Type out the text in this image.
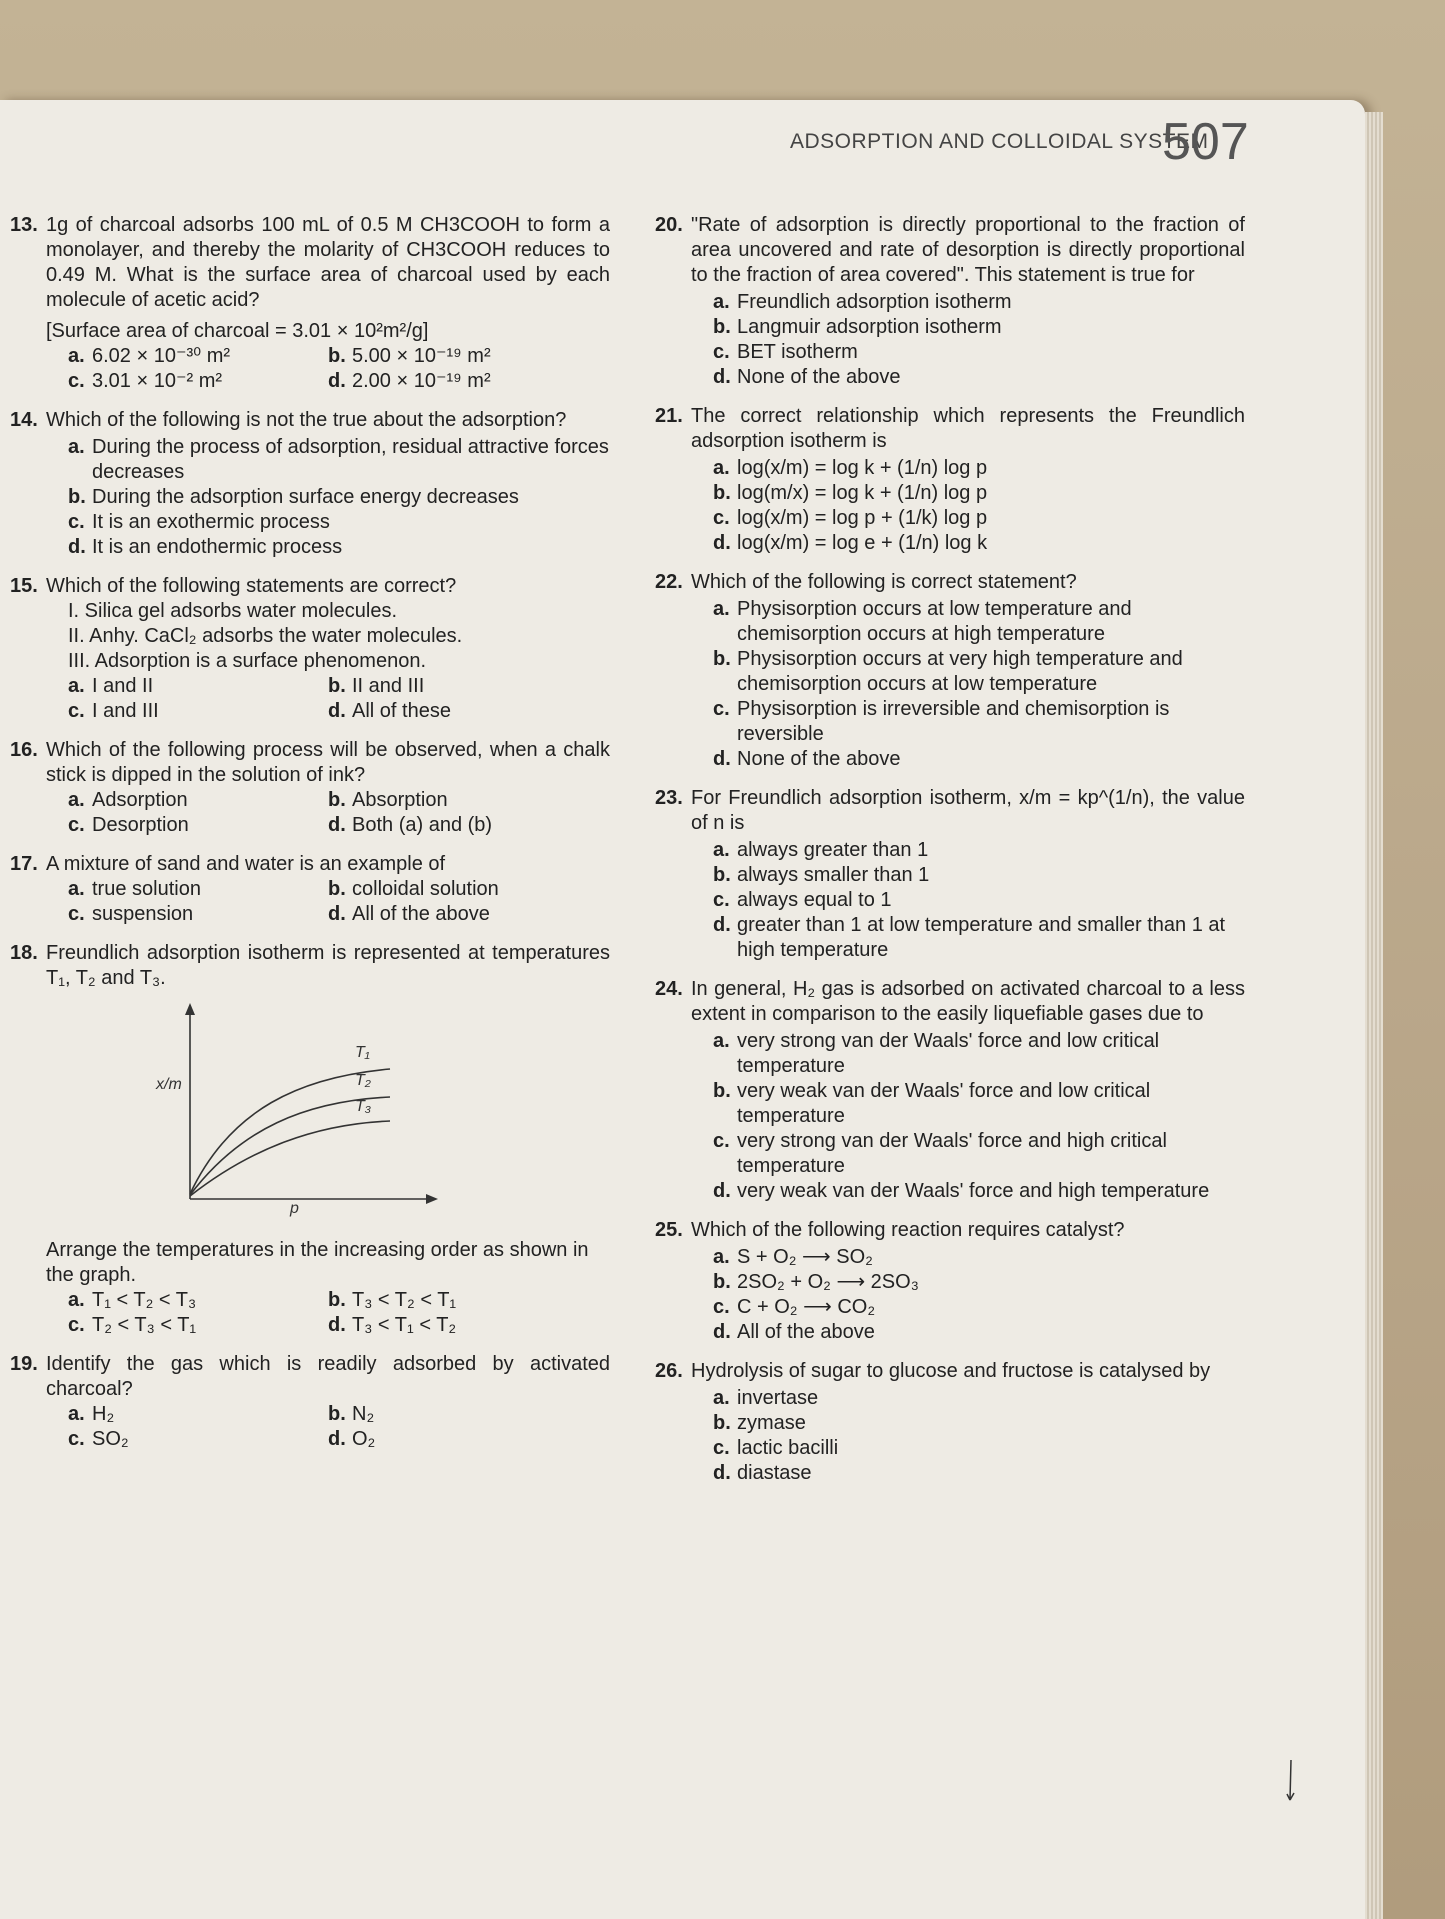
ADSORPTION AND COLLOIDAL SYSTEM
507
13. 1g of charcoal adsorbs 100 mL of 0.5 M CH3COOH to form a monolayer, and thereby the molarity of CH3COOH reduces to 0.49 M. What is the surface area of charcoal used by each molecule of acetic acid?
[Surface area of charcoal = 3.01 × 10²m²/g]
a. 6.02 × 10⁻³⁰ m²	b. 5.00 × 10⁻¹⁹ m²
c. 3.01 × 10⁻² m²	d. 2.00 × 10⁻¹⁹ m²
14. Which of the following is not the true about the adsorption?
a. During the process of adsorption, residual attractive forces decreases
b. During the adsorption surface energy decreases
c. It is an exothermic process
d. It is an endothermic process
15. Which of the following statements are correct?
I. Silica gel adsorbs water molecules.
II. Anhy. CaCl₂ adsorbs the water molecules.
III. Adsorption is a surface phenomenon.
a. I and II	b. II and III
c. I and III	d. All of these
16. Which of the following process will be observed, when a chalk stick is dipped in the solution of ink?
a. Adsorption	b. Absorption
c. Desorption	d. Both (a) and (b)
17. A mixture of sand and water is an example of
a. true solution	b. colloidal solution
c. suspension	d. All of the above
18. Freundlich adsorption isotherm is represented at temperatures T₁, T₂ and T₃.
x/m
p
T₁
T₂
T₃
Arrange the temperatures in the increasing order as shown in the graph.
a. T₁ < T₂ < T₃	b. T₃ < T₂ < T₁
c. T₂ < T₃ < T₁	d. T₃ < T₁ < T₂
19. Identify the gas which is readily adsorbed by activated charcoal?
a. H₂	b. N₂
c. SO₂	d. O₂
20. "Rate of adsorption is directly proportional to the fraction of area uncovered and rate of desorption is directly proportional to the fraction of area covered". This statement is true for
a. Freundlich adsorption isotherm
b. Langmuir adsorption isotherm
c. BET isotherm
d. None of the above
21. The correct relationship which represents the Freundlich adsorption isotherm is
a. log(x/m) = log k + (1/n) log p
b. log(m/x) = log k + (1/n) log p
c. log(x/m) = log p + (1/k) log p
d. log(x/m) = log e + (1/n) log k
22. Which of the following is correct statement?
a. Physisorption occurs at low temperature and chemisorption occurs at high temperature
b. Physisorption occurs at very high temperature and chemisorption occurs at low temperature
c. Physisorption is irreversible and chemisorption is reversible
d. None of the above
23. For Freundlich adsorption isotherm, x/m = kp^(1/n), the value of n is
a. always greater than 1
b. always smaller than 1
c. always equal to 1
d. greater than 1 at low temperature and smaller than 1 at high temperature
24. In general, H₂ gas is adsorbed on activated charcoal to a less extent in comparison to the easily liquefiable gases due to
a. very strong van der Waals' force and low critical temperature
b. very weak van der Waals' force and low critical temperature
c. very strong van der Waals' force and high critical temperature
d. very weak van der Waals' force and high temperature
25. Which of the following reaction requires catalyst?
a. S + O₂ ⟶ SO₂
b. 2SO₂ + O₂ ⟶ 2SO₃
c. C + O₂ ⟶ CO₂
d. All of the above
26. Hydrolysis of sugar to glucose and fructose is catalysed by
a. invertase
b. zymase
c. lactic bacilli
d. diastase
